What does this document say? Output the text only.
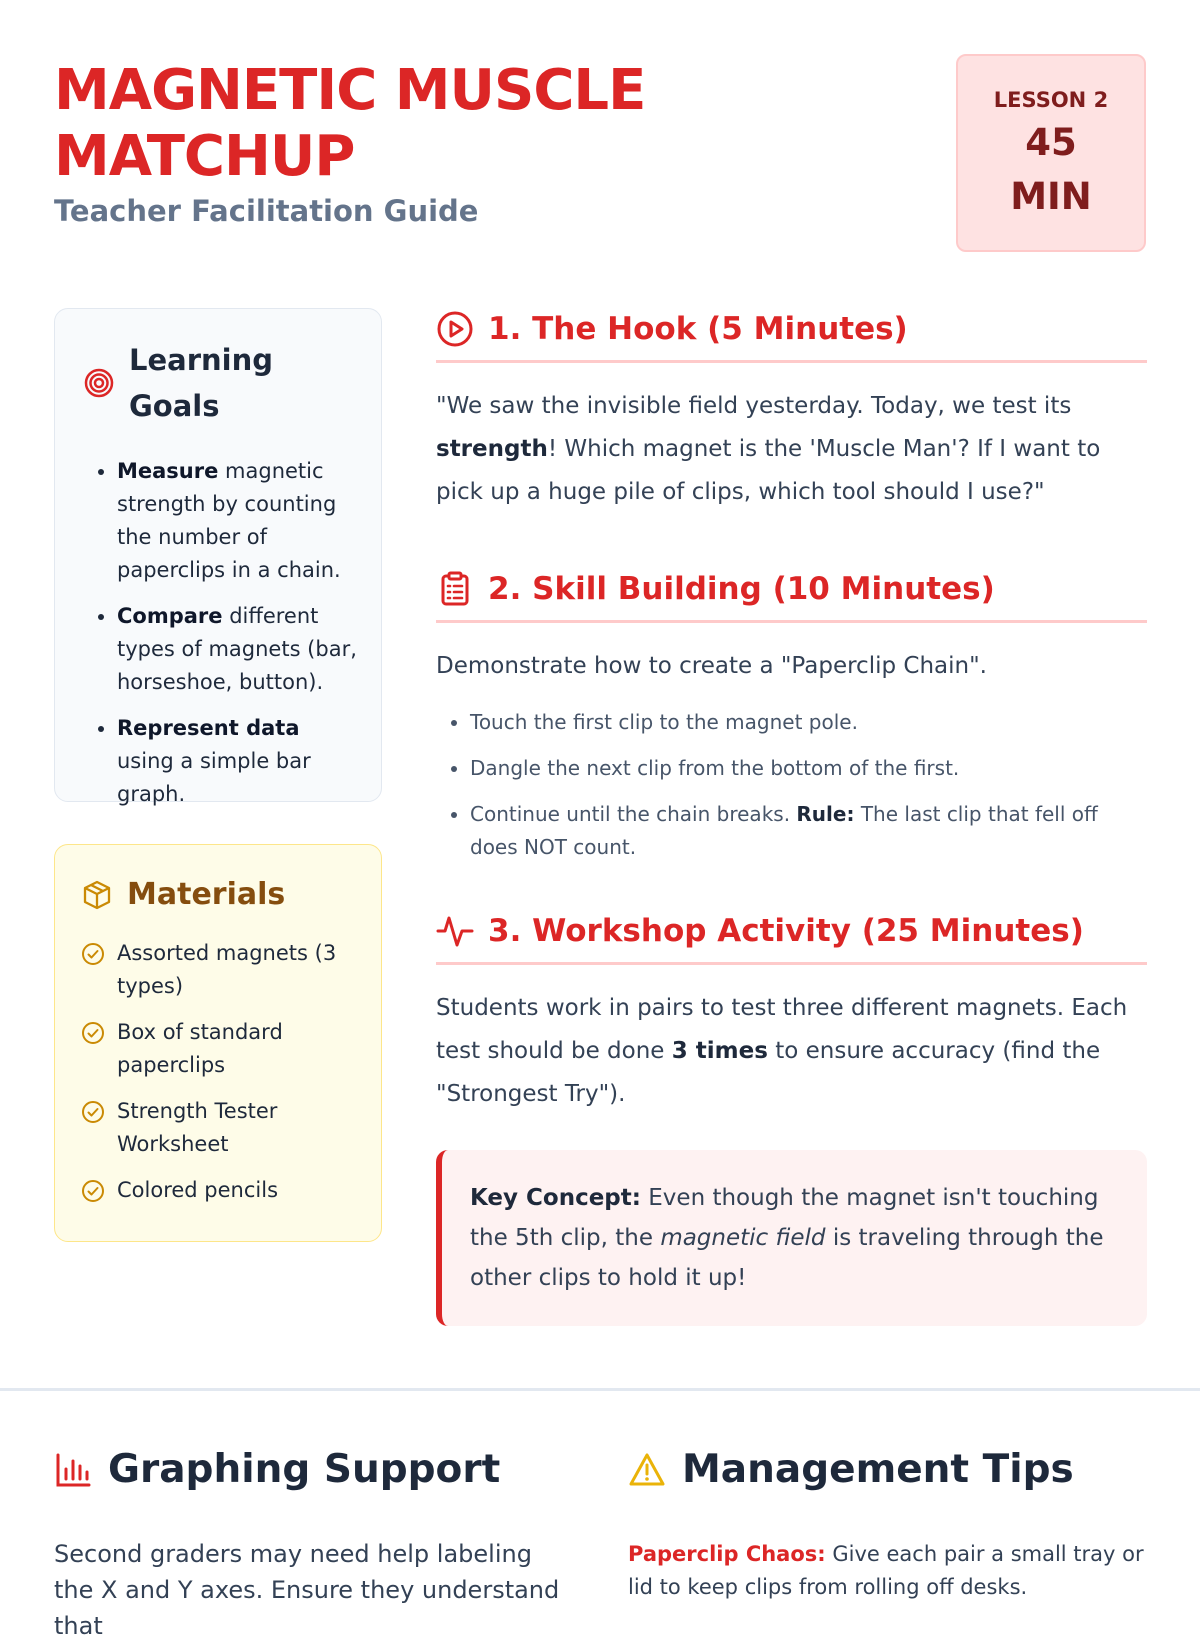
MAGNETIC MUSCLE
MATCHUP
Teacher Facilitation Guide
LESSON 2
45
MIN
Learning
Goals
• Measure magnetic strength by counting the number of paperclips in a chain.
• Compare different types of magnets (bar, horseshoe, button).
• Represent data using a simple bar graph.
Materials
Assorted magnets (3 types)
Box of standard paperclips
Strength Tester Worksheet
Colored pencils
1. The Hook (5 Minutes)

"We saw the invisible field yesterday. Today, we test its strength! Which magnet is the 'Muscle Man'? If I want to pick up a huge pile of clips, which tool should I use?"

2. Skill Building (10 Minutes)

Demonstrate how to create a "Paperclip Chain".

• Touch the first clip to the magnet pole.
• Dangle the next clip from the bottom of the first.
• Continue until the chain breaks. Rule: The last clip that fell off does NOT count.
3. Workshop Activity (25 Minutes)

Students work in pairs to test three different magnets. Each test should be done 3 times to ensure accuracy (find the "Strongest Try").

Key Concept: Even though the magnet isn't touching the 5th clip, the magnetic field is traveling through the other clips to hold it up!
Graphing Support

Second graders may need help labeling the X and Y axes. Ensure they understand that

Management Tips

Paperclip Chaos: Give each pair a small tray or lid to keep clips from rolling off desks.
